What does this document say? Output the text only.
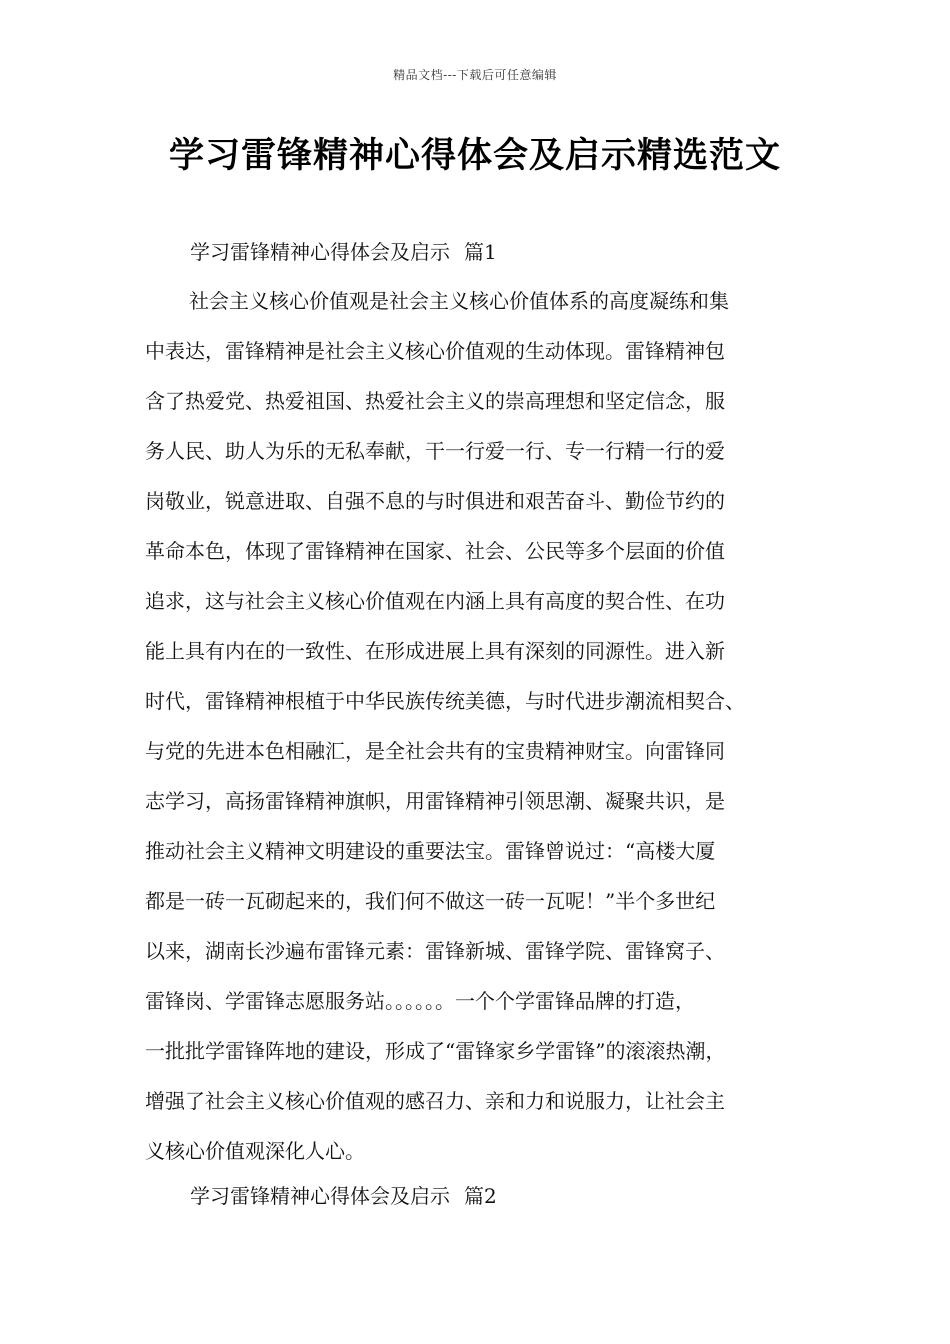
精品文档---下载后可任意编辑
学习雷锋精神心得体会及启示精选范文
学习雷锋精神心得体会及启示 篇1
社会主义核心价值观是社会主义核心价值体系的高度凝练和集
中表达，雷锋精神是社会主义核心价值观的生动体现。雷锋精神包
含了热爱党、热爱祖国、热爱社会主义的崇高理想和坚定信念，服
务人民、助人为乐的无私奉献，干一行爱一行、专一行精一行的爱
岗敬业，锐意进取、自强不息的与时俱进和艰苦奋斗、勤俭节约的
革命本色，体现了雷锋精神在国家、社会、公民等多个层面的价值
追求，这与社会主义核心价值观在内涵上具有高度的契合性、在功
能上具有内在的一致性、在形成进展上具有深刻的同源性。进入新
时代，雷锋精神根植于中华民族传统美德，与时代进步潮流相契合、
与党的先进本色相融汇，是全社会共有的宝贵精神财宝。向雷锋同
志学习，高扬雷锋精神旗帜，用雷锋精神引领思潮、凝聚共识，是
推动社会主义精神文明建设的重要法宝。雷锋曾说过：“高楼大厦
都是一砖一瓦砌起来的，我们何不做这一砖一瓦呢！”半个多世纪
以来，湖南长沙遍布雷锋元素：雷锋新城、雷锋学院、雷锋窝子、
雷锋岗、学雷锋志愿服务站。。。。。。一个个学雷锋品牌的打造，
一批批学雷锋阵地的建设，形成了“雷锋家乡学雷锋”的滚滚热潮，
增强了社会主义核心价值观的感召力、亲和力和说服力，让社会主
义核心价值观深化人心。
学习雷锋精神心得体会及启示 篇2
